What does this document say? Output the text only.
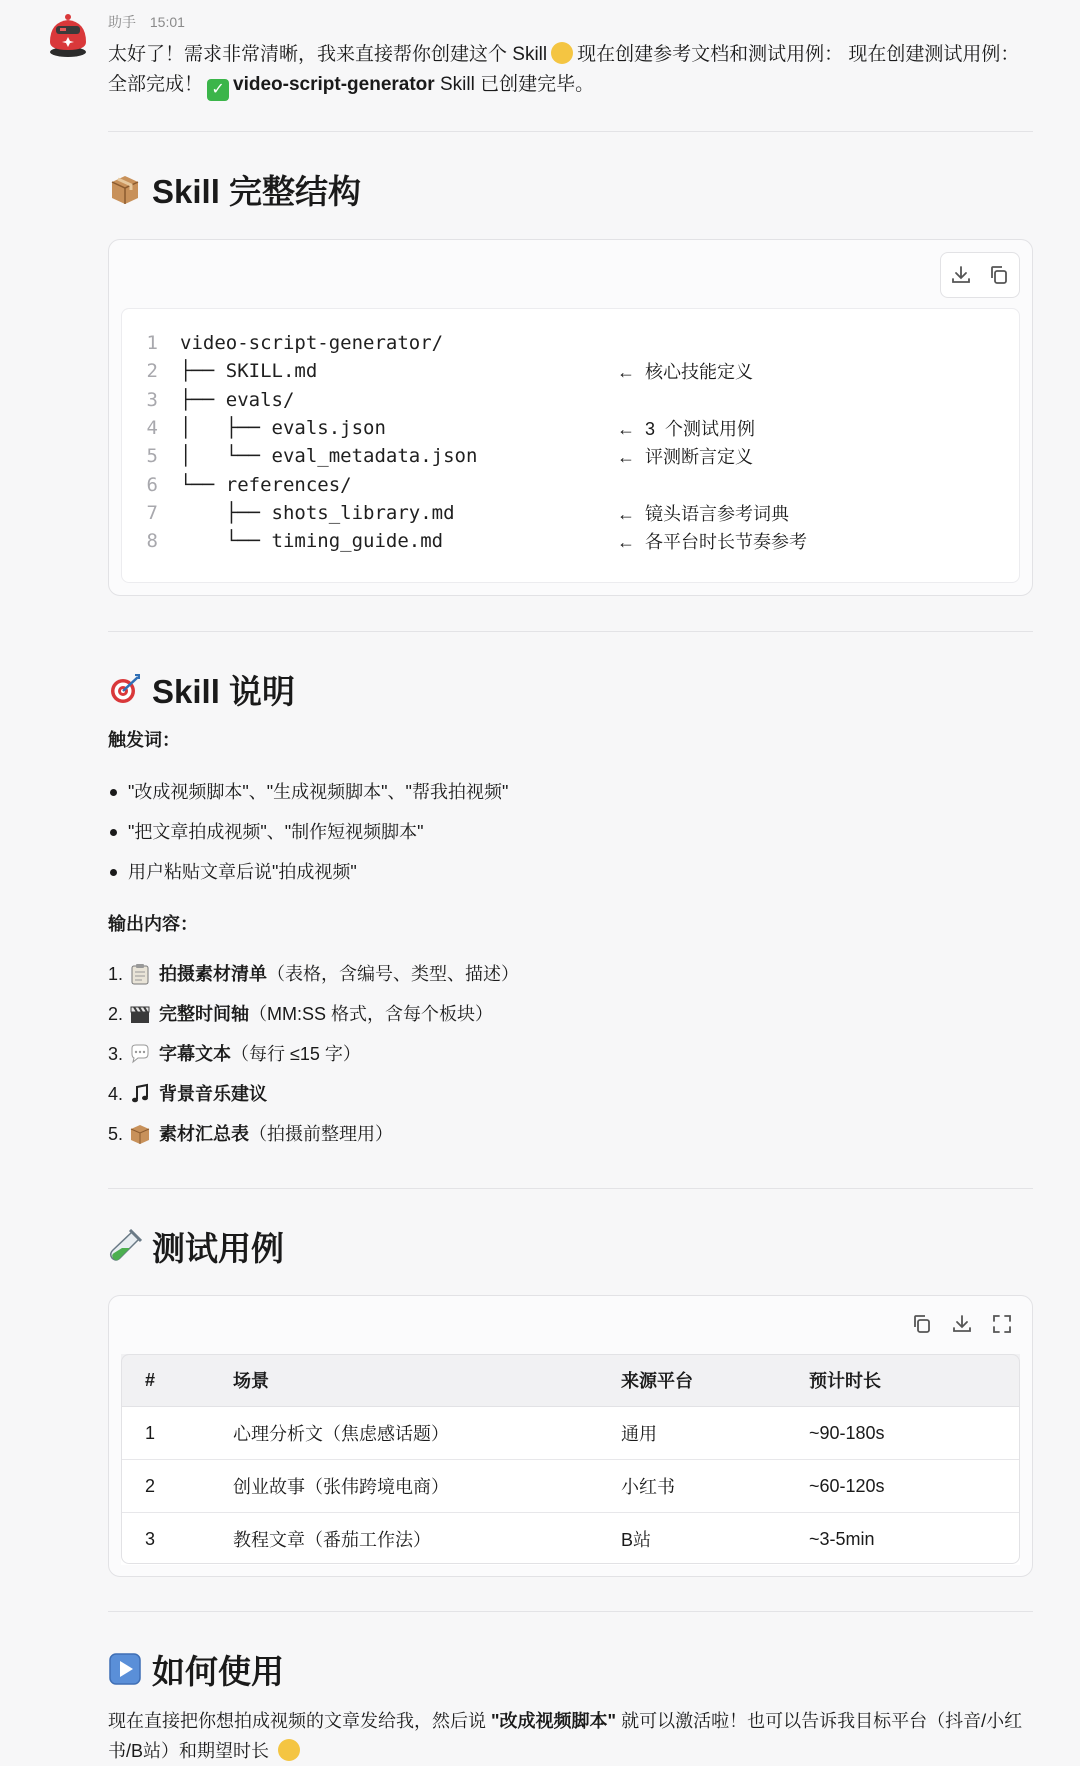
助手 15:01

太好了！需求非常清晰，我来直接帮你创建这个 Skill 现在创建参考文档和测试用例： 现在创建测试用例： 全部完成！ ✓ video-script-generator Skill 已创建完毕。

Skill 完整结构
1	video-script-generator/
2	├── SKILL.md	←  核心技能定义
3	├── evals/
4	│   ├── evals.json	←  3  个测试用例
5	│   └── eval_metadata.json	←  评测断言定义
6	└── references/
7	├── shots_library.md	←  镜头语言参考词典
8	└── timing_guide.md	←  各平台时长节奏参考
Skill 说明
触发词：
"改成视频脚本"、"生成视频脚本"、"帮我拍视频"
"把文章拍成视频"、"制作短视频脚本"
用户粘贴文章后说"拍成视频"
输出内容：
1. 拍摄素材清单 （表格，含编号、类型、描述）
2. 完整时间轴 （MM:SS 格式，含每个板块）
3. 字幕文本 （每行 ≤15 字）
4. 背景音乐建议
5. 素材汇总表 （拍摄前整理用）
测试用例
#	场景	来源平台	预计时长
1	心理分析文（焦虑感话题）	通用	~90-180s
2	创业故事（张伟跨境电商）	小红书	~60-120s
3	教程文章（番茄工作法）	B站	~3-5min
如何使用

现在直接把你想拍成视频的文章发给我，然后说 "改成视频脚本" 就可以激活啦！也可以告诉我目标平台（抖音/小红书/B站）和期望时长
